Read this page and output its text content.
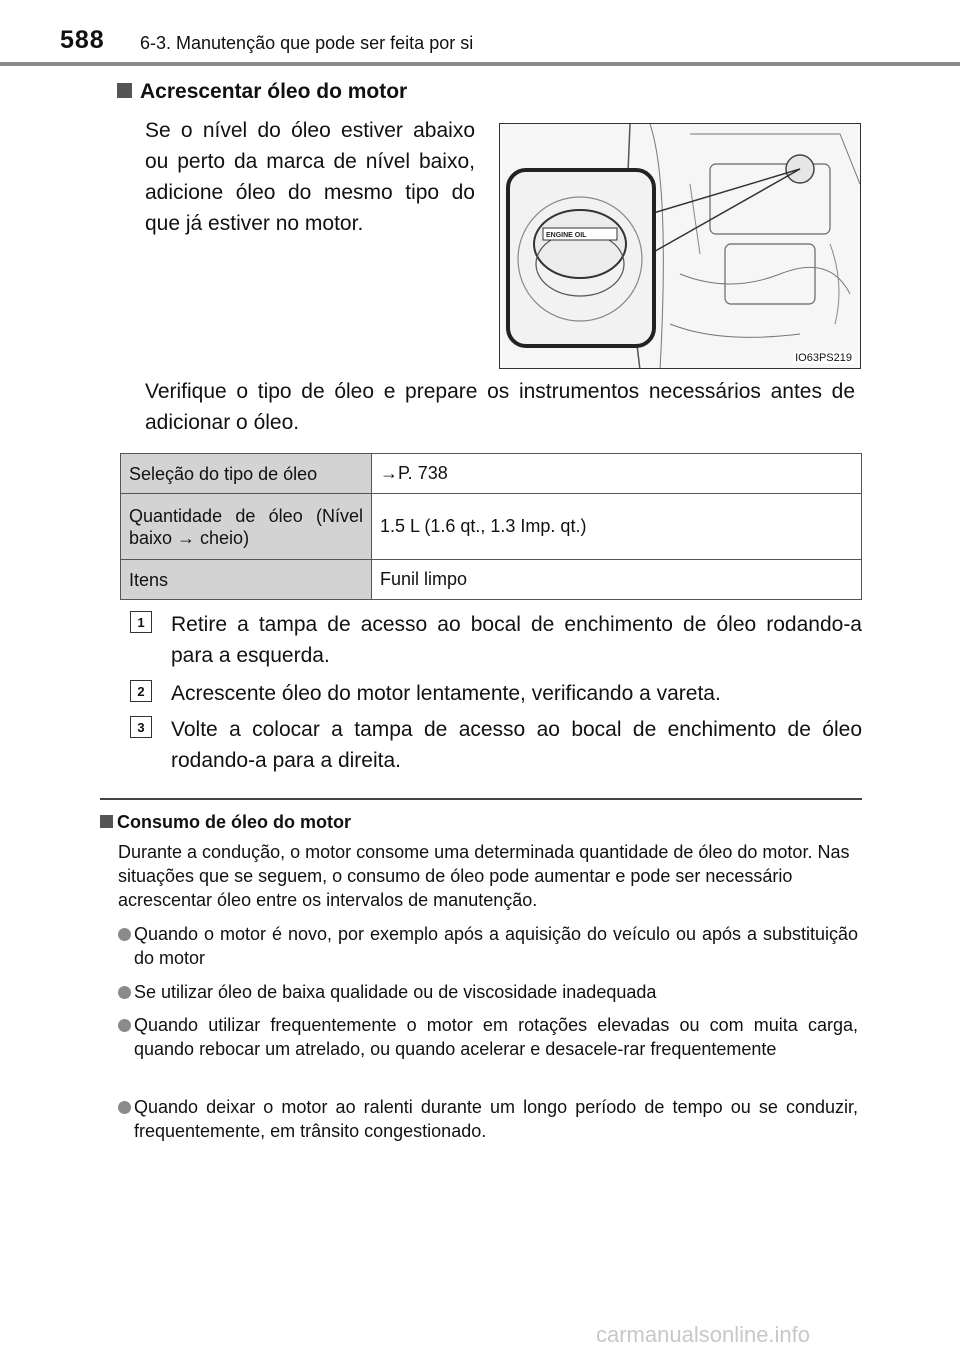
588 6-3. Manutenção que pode ser feita por si
Acrescentar óleo do motor
Se o nível do óleo estiver abaixo ou perto da marca de nível baixo, adicione óleo do mesmo tipo do que já estiver no motor.
ENGINE OIL
IO63PS219
Verifique o tipo de óleo e prepare os instrumentos necessários antes de adicionar o óleo.
Seleção do tipo de óleo	→P. 738
Quantidade de óleo (Nível baixo → cheio)	1.5 L (1.6 qt., 1.3 Imp. qt.)
Itens	Funil limpo
1	Retire a tampa de acesso ao bocal de enchimento de óleo rodando-a para a esquerda.
2	Acrescente óleo do motor lentamente, verificando a vareta.
3	Volte a colocar a tampa de acesso ao bocal de enchimento de óleo rodando-a para a direita.
Consumo de óleo do motor
Durante a condução, o motor consome uma determinada quantidade de óleo do motor. Nas situações que se seguem, o consumo de óleo pode aumentar e pode ser necessário acrescentar óleo entre os intervalos de manutenção.
Quando o motor é novo, por exemplo após a aquisição do veículo ou após a substituição do motor
Se utilizar óleo de baixa qualidade ou de viscosidade inadequada
Quando utilizar frequentemente o motor em rotações elevadas ou com muita carga, quando rebocar um atrelado, ou quando acelerar e desacele-rar frequentemente
Quando deixar o motor ao ralenti durante um longo período de tempo ou se conduzir, frequentemente, em trânsito congestionado.
carmanualsonline.info
